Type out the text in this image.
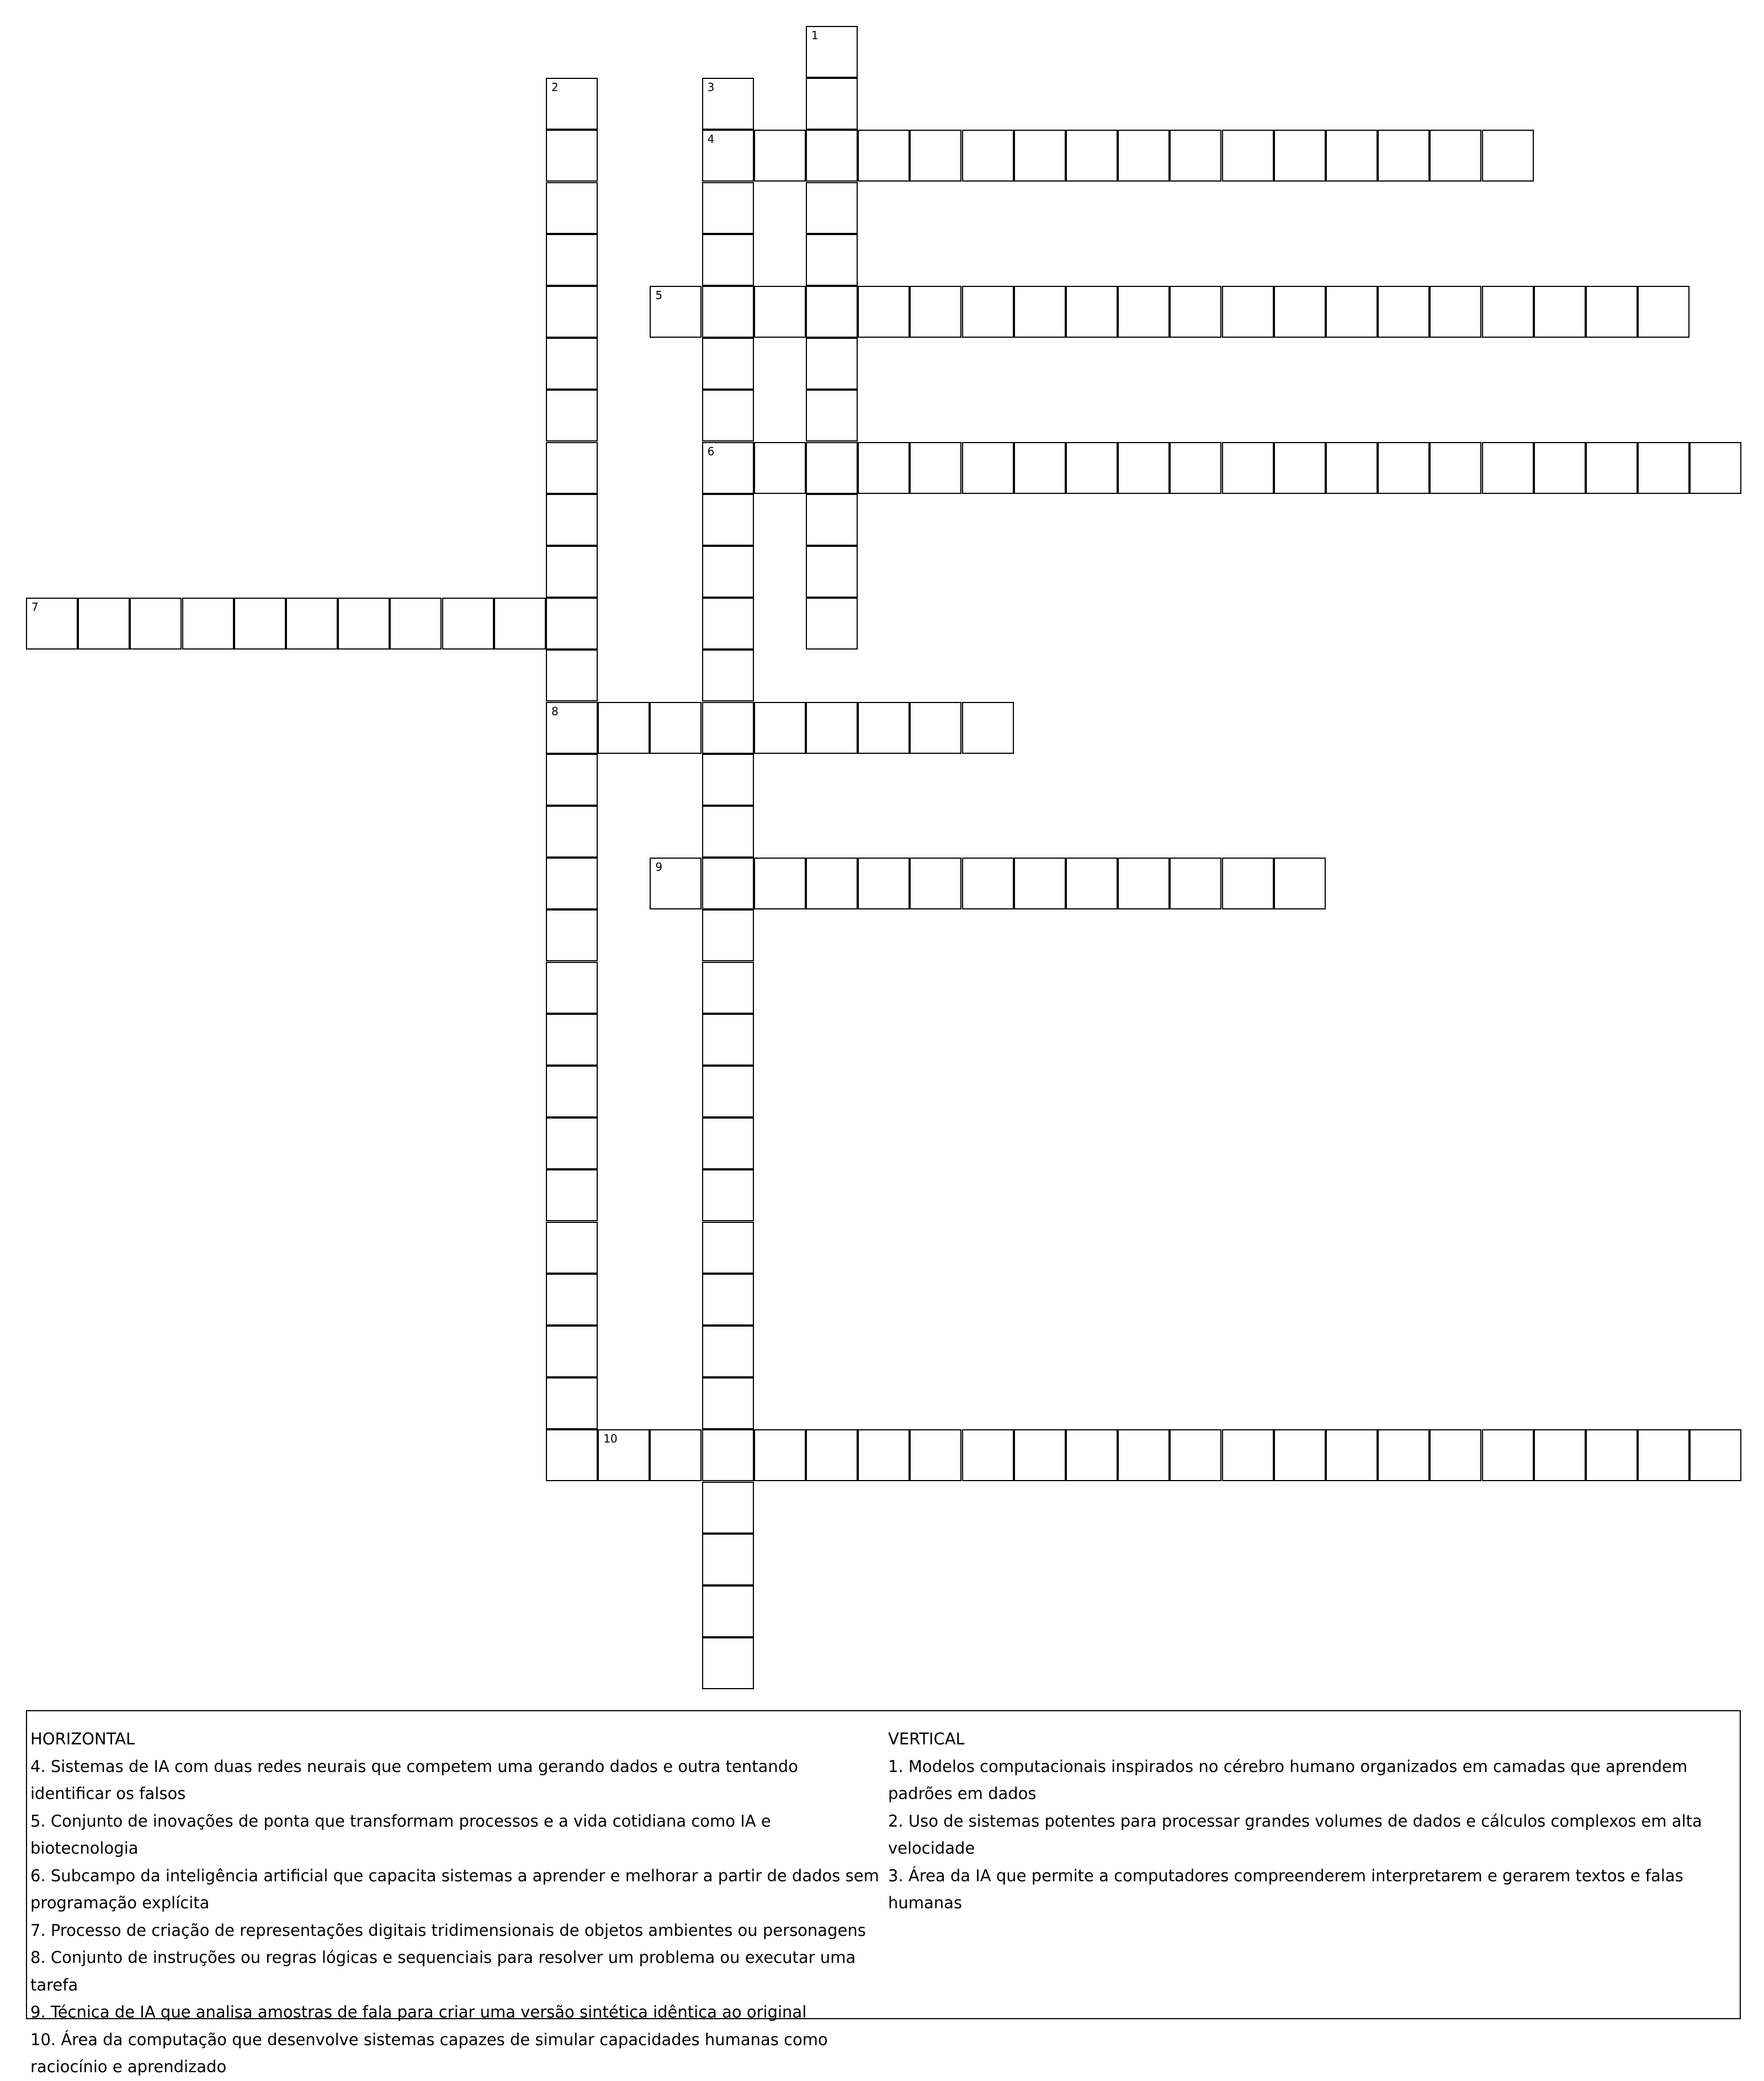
1
2
8
3
4
6
5
7
9
10
HORIZONTAL
4. Sistemas de IA com duas redes neurais que competem uma gerando dados e outra tentando identificar os falsos
5. Conjunto de inovações de ponta que transformam processos e a vida cotidiana como IA e biotecnologia
6. Subcampo da inteligência artificial que capacita sistemas a aprender e melhorar a partir de dados sem programação explícita
7. Processo de criação de representações digitais tridimensionais de objetos ambientes ou personagens
8. Conjunto de instruções ou regras lógicas e sequenciais para resolver um problema ou executar uma tarefa
9. Técnica de IA que analisa amostras de fala para criar uma versão sintética idêntica ao original
10. Área da computação que desenvolve sistemas capazes de simular capacidades humanas como raciocínio e aprendizado
VERTICAL
1. Modelos computacionais inspirados no cérebro humano organizados em camadas que aprendem padrões em dados
2. Uso de sistemas potentes para processar grandes volumes de dados e cálculos complexos em alta velocidade
3. Área da IA que permite a computadores compreenderem interpretarem e gerarem textos e falas humanas
